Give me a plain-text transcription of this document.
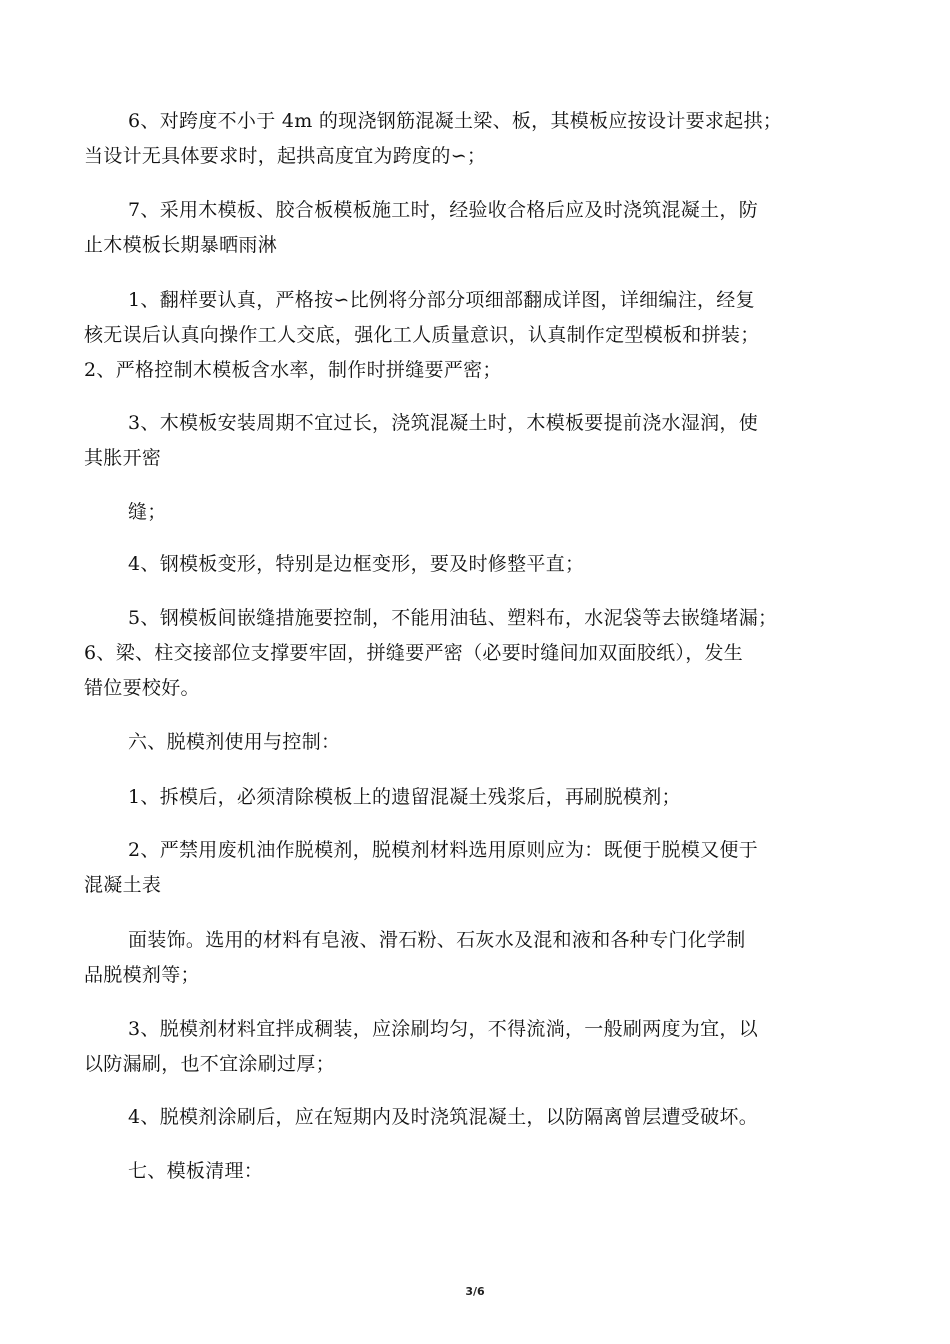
6、对跨度不小于 4m 的现浇钢筋混凝土梁、板，其模板应按设计要求起拱；
当设计无具体要求时，起拱高度宜为跨度的∽；

7、采用木模板、胶合板模板施工时，经验收合格后应及时浇筑混凝土，防
止木模板长期暴晒雨淋

1、翻样要认真，严格按∽比例将分部分项细部翻成详图，详细编注，经复
核无误后认真向操作工人交底，强化工人质量意识，认真制作定型模板和拼装；
2、严格控制木模板含水率，制作时拼缝要严密；

3、木模板安装周期不宜过长，浇筑混凝土时，木模板要提前浇水湿润，使
其胀开密

缝；

4、钢模板变形，特别是边框变形，要及时修整平直；

5、钢模板间嵌缝措施要控制，不能用油毡、塑料布，水泥袋等去嵌缝堵漏；
6、梁、柱交接部位支撑要牢固，拼缝要严密（必要时缝间加双面胶纸），发生
错位要校好。

六、脱模剂使用与控制：

1、拆模后，必须清除模板上的遗留混凝土残浆后，再刷脱模剂；

2、严禁用废机油作脱模剂，脱模剂材料选用原则应为：既便于脱模又便于
混凝土表

面装饰。选用的材料有皂液、滑石粉、石灰水及混和液和各种专门化学制
品脱模剂等；

3、脱模剂材料宜拌成稠装，应涂刷均匀，不得流淌，一般刷两度为宜，以
以防漏刷，也不宜涂刷过厚；

4、脱模剂涂刷后，应在短期内及时浇筑混凝土，以防隔离曾层遭受破坏。

七、模板清理：

3/6
